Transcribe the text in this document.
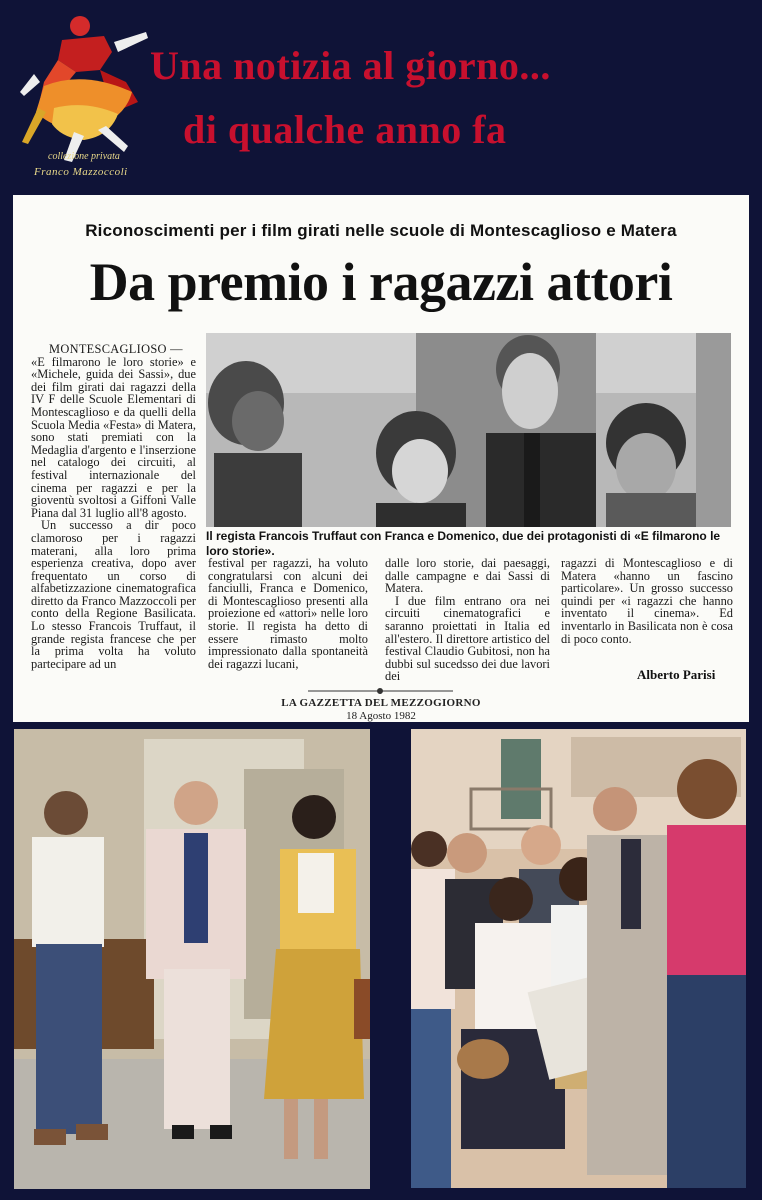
collezione privata
Franco Mazzoccoli
Una notizia al giorno...
di qualche anno fa
Riconoscimenti per i film girati nelle scuole di Montescaglioso e Matera
Da premio i ragazzi attori
MONTESCAGLIOSO —
«E filmarono le loro storie» e «Michele, guida dei Sassi», due dei film girati dai ragazzi della IV F delle Scuole Elementari di Montescaglioso e da quelli della Scuola Media «Festa» di Matera, sono stati premiati con la Medaglia d'argento e l'inserzione nel catalogo dei circuiti, al festival internazionale del cinema per ragazzi e per la gioventù svoltosi a Giffoni Valle Piana dal 31 luglio all'8 agosto.
Un successo a dir poco clamoroso per i ragazzi materani, alla loro prima esperienza creativa, dopo aver frequentato un corso di alfabetizzazione cinematografica diretto da Franco Mazzoccoli per conto della Regione Basilicata. Lo stesso Francois Truffaut, il grande regista francese che per la prima volta ha voluto partecipare ad un
Il regista Francois Truffaut con Franca e Domenico, due dei protagonisti di «E filmarono le loro storie».
festival per ragazzi, ha voluto congratularsi con alcuni dei fanciulli, Franca e Domenico, di Montescaglioso presenti alla proiezione ed «attori» nelle loro storie. Il regista ha detto di essere rimasto molto impressionato dalla spontaneità dei ragazzi lucani,
dalle loro storie, dai paesaggi, dalle campagne e dai Sassi di Matera.
I due film entrano ora nei circuiti cinematografici e saranno proiettati in Italia ed all'estero. Il direttore artistico del festival Claudio Gubitosi, non ha dubbi sul sucedsso dei due lavori dei
ragazzi di Montescaglioso e di Matera «hanno un fascino particolare». Un grosso successo quindi per «i ragazzi che hanno inventato il cinema». Ed inventarlo in Basilicata non è cosa di poco conto.
Alberto Parisi
LA GAZZETTA DEL MEZZOGIORNO
18 Agosto 1982
